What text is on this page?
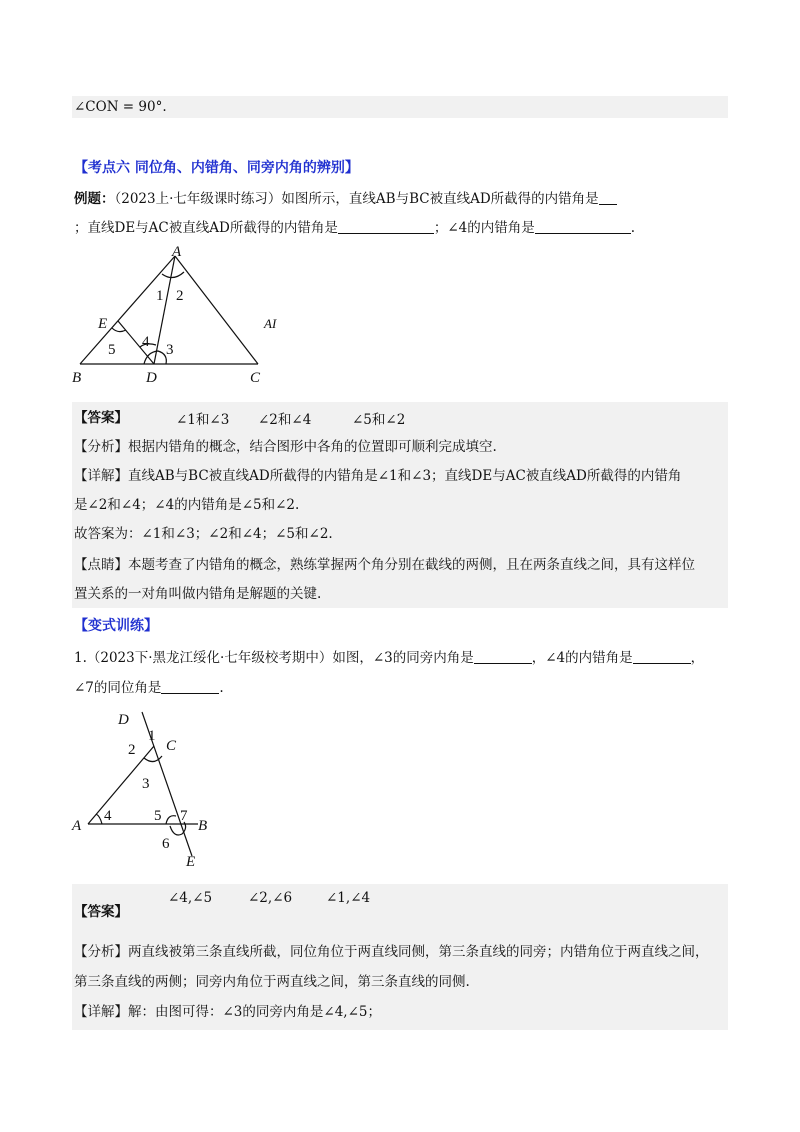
∠CON = 90°.
【考点六 同位角、内错角、同旁内角的辨别】
例题：（2023上·七年级课时练习）如图所示，直线AB与BC被直线AD所截得的内错角是
；直线DE与AC被直线AD所截得的内错角是	；∠4的内错角是	.
A
1 2
E
5 4 3
B	D	C
AI
【答案】	∠1和∠3 ∠2和∠4	∠5和∠2
【分析】根据内错角的概念，结合图形中各角的位置即可顺利完成填空.
【详解】直线AB与BC被直线AD所截得的内错角是∠1和∠3；直线DE与AC被直线AD所截得的内错角
是∠2和∠4；∠4的内错角是∠5和∠2.
故答案为：∠1和∠3；∠2和∠4；∠5和∠2.
【点睛】本题考查了内错角的概念，熟练掌握两个角分别在截线的两侧，且在两条直线之间，具有这样位
置关系的一对角叫做内错角是解题的关键.
【变式训练】
1.（2023下·黑龙江绥化·七年级校考期中）如图，∠3的同旁内角是	，∠4的内错角是	，
∠7的同位角是	.
D
1
2 C
3
A
4	5 7
B
6
E
∠4,∠5	∠2,∠6	∠1,∠4
【答案】
【分析】两直线被第三条直线所截，同位角位于两直线同侧，第三条直线的同旁；内错角位于两直线之间，
第三条直线的两侧；同旁内角位于两直线之间，第三条直线的同侧.
【详解】解：由图可得：∠3的同旁内角是∠4,∠5；
